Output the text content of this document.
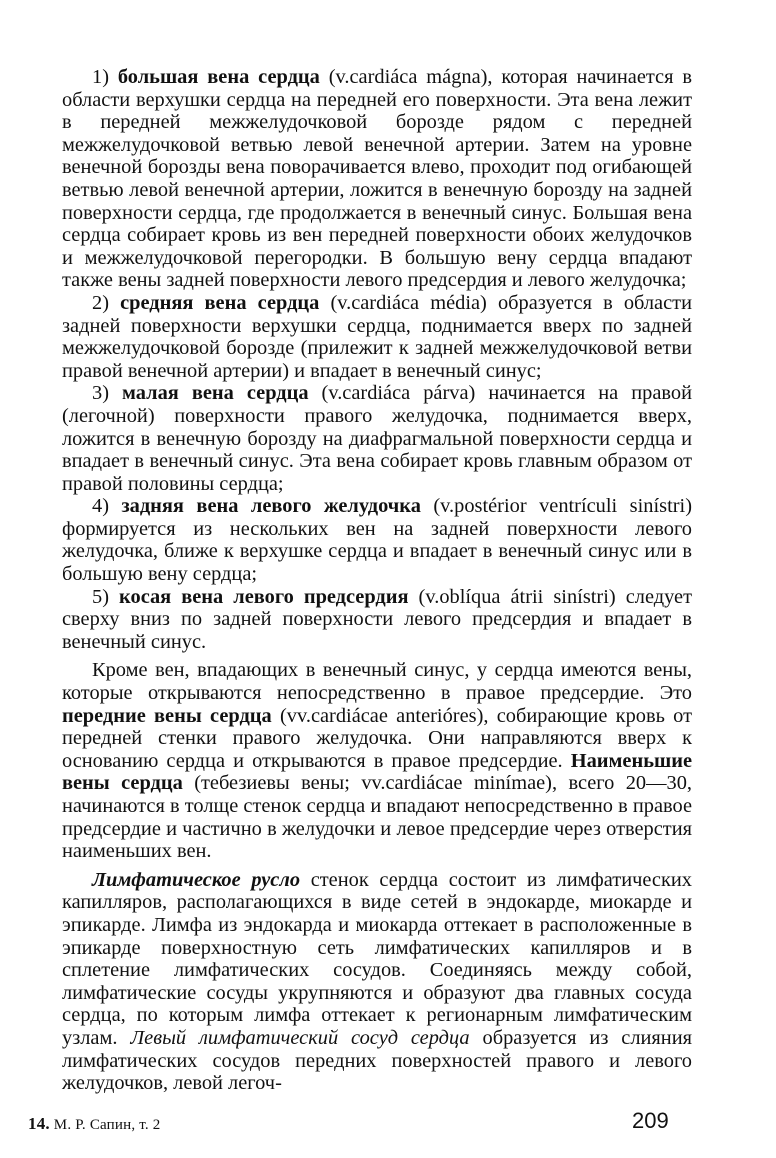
1) большая вена сердца (v.cardiáca mágna), которая начинается в области верхушки сердца на передней его поверхности. Эта вена лежит в передней межжелудочковой борозде рядом с передней межжелудочковой ветвью левой венечной артерии. Затем на уровне венечной борозды вена поворачивается влево, проходит под огибающей ветвью левой венечной артерии, ложится в венечную борозду на задней поверхности сердца, где продолжается в венечный синус. Большая вена сердца собирает кровь из вен передней поверхности обоих желудочков и межжелудочковой перегородки. В большую вену сердца впадают также вены задней поверхности левого предсердия и левого желудочка;

2) средняя вена сердца (v.cardiáca média) образуется в области задней поверхности верхушки сердца, поднимается вверх по задней межжелудочковой борозде (прилежит к задней межжелудочковой ветви правой венечной артерии) и впадает в венечный синус;

3) малая вена сердца (v.cardiáca párva) начинается на правой (легочной) поверхности правого желудочка, поднимается вверх, ложится в венечную борозду на диафрагмальной поверхности сердца и впадает в венечный синус. Эта вена собирает кровь главным образом от правой половины сердца;

4) задняя вена левого желудочка (v.postérior ventrículi sinístri) формируется из нескольких вен на задней поверхности левого желудочка, ближе к верхушке сердца и впадает в венечный синус или в большую вену сердца;

5) косая вена левого предсердия (v.oblíqua átrii sinístri) следует сверху вниз по задней поверхности левого предсердия и впадает в венечный синус.

Кроме вен, впадающих в венечный синус, у сердца имеются вены, которые открываются непосредственно в правое предсердие. Это передние вены сердца (vv.cardiácae anterióres), собирающие кровь от передней стенки правого желудочка. Они направляются вверх к основанию сердца и открываются в правое предсердие. Наименьшие вены сердца (тебезиевы вены; vv.cardiácae minímae), всего 20—30, начинаются в толще стенок сердца и впадают непосредственно в правое предсердие и частично в желудочки и левое предсердие через отверстия наименьших вен.

Лимфатическое русло стенок сердца состоит из лимфатических капилляров, располагающихся в виде сетей в эндокарде, миокарде и эпикарде. Лимфа из эндокарда и миокарда оттекает в расположенные в эпикарде поверхностную сеть лимфатических капилляров и в сплетение лимфатических сосудов. Соединяясь между собой, лимфатические сосуды укрупняются и образуют два главных сосуда сердца, по которым лимфа оттекает к регионарным лимфатическим узлам. Левый лимфатический сосуд сердца образуется из слияния лимфатических сосудов передних поверхностей правого и левого желудочков, левой легоч-

14. М. Р. Сапин, т. 2	209
